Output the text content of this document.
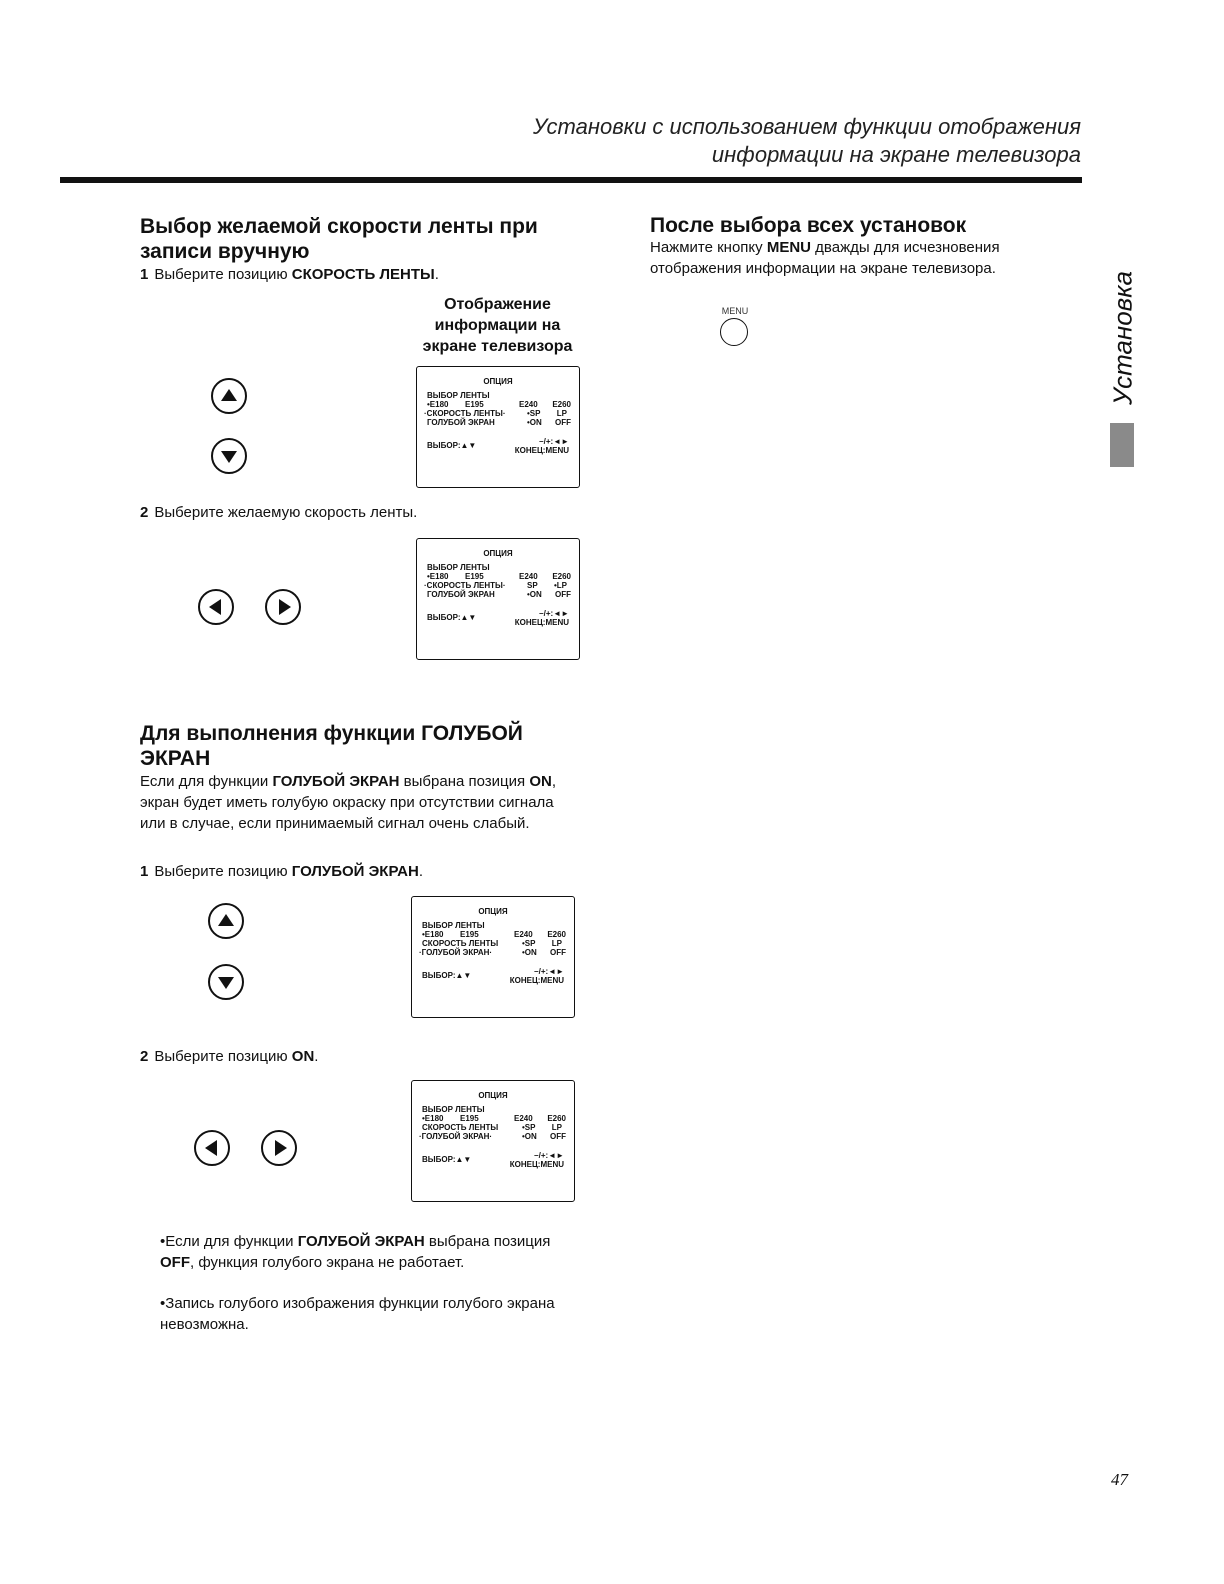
Установки с использованием функции отображения
информации на экране телевизора
Установка
Выбор желаемой скорости ленты при записи вручную
1 Выберите позицию СКОРОСТЬ ЛЕНТЫ.
Отображение информации на экране телевизора
ОПЦИЯ
ВЫБОР ЛЕНТЫ
•E180 E195	E240 E260
·СКОРОСТЬ ЛЕНТЫ·	•SP LP
ГОЛУБОЙ ЭКРАН	•ON OFF
ВЫБОР:▲▼	–/+:◄►
КОНЕЦ:MENU
2 Выберите желаемую скорость ленты.
ОПЦИЯ
ВЫБОР ЛЕНТЫ
•E180 E195	E240 E260
·СКОРОСТЬ ЛЕНТЫ·	SP •LP
ГОЛУБОЙ ЭКРАН	•ON OFF
ВЫБОР:▲▼	–/+:◄►
КОНЕЦ:MENU
После выбора всех установок

Нажмите кнопку MENU дважды для исчезновения отображения информации на экране телевизора.

MENU
Для выполнения функции ГОЛУБОЙ ЭКРАН

Если для функции ГОЛУБОЙ ЭКРАН выбрана позиция ON, экран будет иметь голубую окраску при отсутствии сигнала или в случае, если принимаемый сигнал очень слабый.

1 Выберите позицию ГОЛУБОЙ ЭКРАН.
ОПЦИЯ
ВЫБОР ЛЕНТЫ
•E180 E195	E240 E260
СКОРОСТЬ ЛЕНТЫ	•SP LP
·ГОЛУБОЙ ЭКРАН·	•ON OFF
ВЫБОР:▲▼	–/+:◄►
КОНЕЦ:MENU
2 Выберите позицию ON.
ОПЦИЯ
ВЫБОР ЛЕНТЫ
•E180 E195	E240 E260
СКОРОСТЬ ЛЕНТЫ	•SP LP
·ГОЛУБОЙ ЭКРАН·	•ON OFF
ВЫБОР:▲▼	–/+:◄►
КОНЕЦ:MENU
•Если для функции ГОЛУБОЙ ЭКРАН выбрана позиция OFF, функция голубого экрана не работает.
•Запись голубого изображения функции голубого экрана невозможна.
47
